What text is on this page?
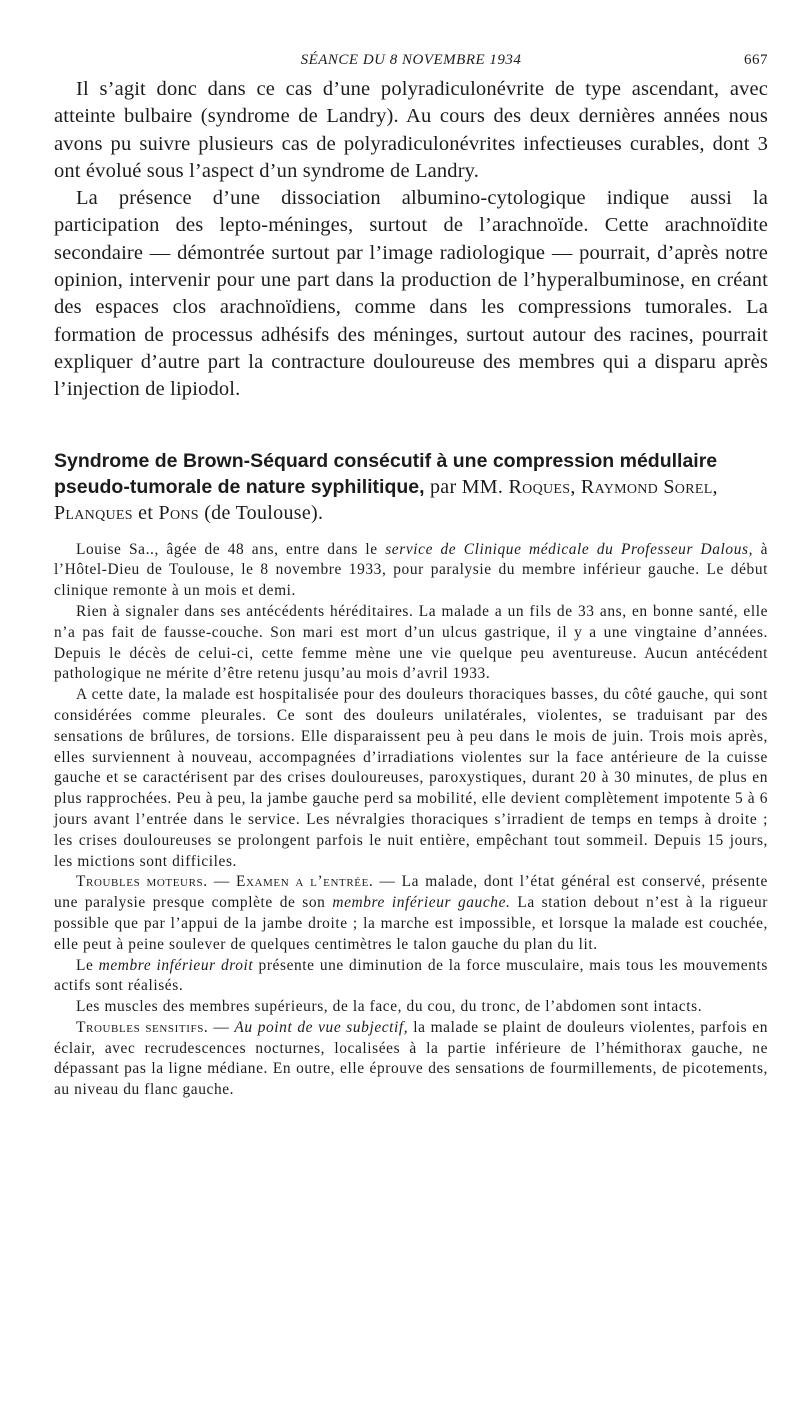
SÉANCE DU 8 NOVEMBRE 1934	667

Il s’agit donc dans ce cas d’une polyradiculonévrite de type ascendant, avec atteinte bulbaire (syndrome de Landry). Au cours des deux dernières années nous avons pu suivre plusieurs cas de polyradiculonévrites infectieuses curables, dont 3 ont évolué sous l’aspect d’un syndrome de Landry.

La présence d’une dissociation albumino-cytologique indique aussi la participation des lepto-méninges, surtout de l’arachnoïde. Cette arachnoïdite secondaire — démontrée surtout par l’image radiologique — pourrait, d’après notre opinion, intervenir pour une part dans la production de l’hyperalbuminose, en créant des espaces clos arachnoïdiens, comme dans les compressions tumorales. La formation de processus adhésifs des méninges, surtout autour des racines, pourrait expliquer d’autre part la contracture douloureuse des membres qui a disparu après l’injection de lipiodol.

Syndrome de Brown-Séquard consécutif à une compression médullaire pseudo-tumorale de nature syphilitique, par MM. Roques, Raymond Sorel, Planques et Pons (de Toulouse).

Louise Sa.., âgée de 48 ans, entre dans le service de Clinique médicale du Professeur Dalous, à l’Hôtel-Dieu de Toulouse, le 8 novembre 1933, pour paralysie du membre inférieur gauche. Le début clinique remonte à un mois et demi.

Rien à signaler dans ses antécédents héréditaires. La malade a un fils de 33 ans, en bonne santé, elle n’a pas fait de fausse-couche. Son mari est mort d’un ulcus gastrique, il y a une vingtaine d’années. Depuis le décès de celui-ci, cette femme mène une vie quelque peu aventureuse. Aucun antécédent pathologique ne mérite d’être retenu jusqu’au mois d’avril 1933.

A cette date, la malade est hospitalisée pour des douleurs thoraciques basses, du côté gauche, qui sont considérées comme pleurales. Ce sont des douleurs unilatérales, violentes, se traduisant par des sensations de brûlures, de torsions. Elle disparaissent peu à peu dans le mois de juin. Trois mois après, elles surviennent à nouveau, accompagnées d’irradiations violentes sur la face antérieure de la cuisse gauche et se caractérisent par des crises douloureuses, paroxystiques, durant 20 à 30 minutes, de plus en plus rapprochées. Peu à peu, la jambe gauche perd sa mobilité, elle devient complètement impotente 5 à 6 jours avant l’entrée dans le service. Les névralgies thoraciques s’irradient de temps en temps à droite ; les crises douloureuses se prolongent parfois le nuit entière, empêchant tout sommeil. Depuis 15 jours, les mictions sont difficiles.

Troubles moteurs. — Examen a l’entrée. — La malade, dont l’état général est conservé, présente une paralysie presque complète de son membre inférieur gauche. La station debout n’est à la rigueur possible que par l’appui de la jambe droite ; la marche est impossible, et lorsque la malade est couchée, elle peut à peine soulever de quelques centimètres le talon gauche du plan du lit.

Le membre inférieur droit présente une diminution de la force musculaire, mais tous les mouvements actifs sont réalisés.

Les muscles des membres supérieurs, de la face, du cou, du tronc, de l’abdomen sont intacts.

Troubles sensitifs. — Au point de vue subjectif, la malade se plaint de douleurs violentes, parfois en éclair, avec recrudescences nocturnes, localisées à la partie inférieure de l’hémithorax gauche, ne dépassant pas la ligne médiane. En outre, elle éprouve des sensations de fourmillements, de picotements, au niveau du flanc gauche.
